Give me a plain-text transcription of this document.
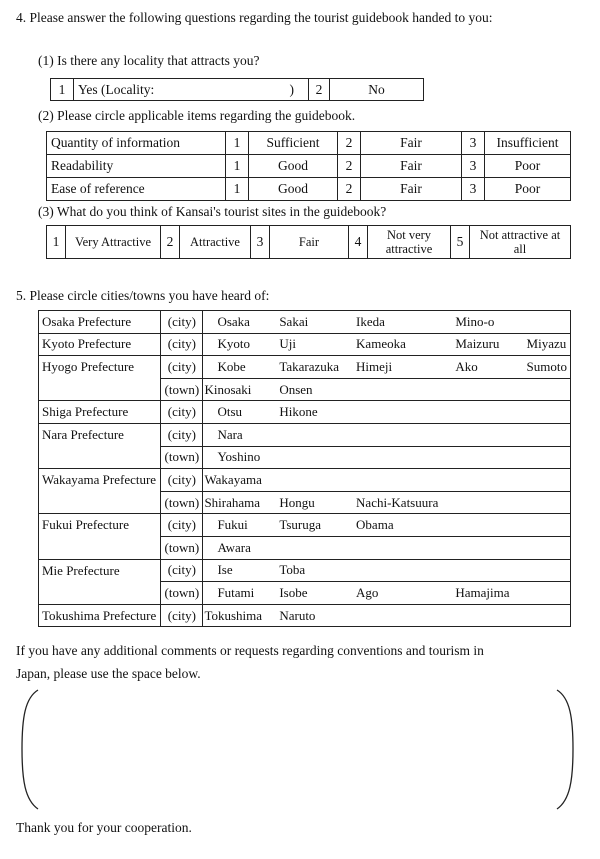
4. Please answer the following questions regarding the tourist guidebook handed to you:
(1) Is there any locality that attracts you?
1	Yes (Locality:	)	2	No
(2) Please circle applicable items regarding the guidebook.
Quantity of information	1	Sufficient	2	Fair	3	Insufficient
Readability	1	Good	2	Fair	3	Poor
Ease of reference	1	Good	2	Fair	3	Poor
(3) What do you think of Kansai's tourist sites in the guidebook?
1	Very Attractive	2	Attractive	3	Fair	4	Not very attractive	5	Not attractive at all
5. Please circle cities/towns you have heard of:
Osaka Prefecture	(city)	Osaka	Sakai	Ikeda	Mino-o	
Kyoto Prefecture	(city)	Kyoto	Uji	Kameoka	Maizuru	Miyazu
Hyogo Prefecture	(city)	Kobe	Takarazuka	Himeji	Ako	Sumoto
	(town)	Kinosaki	Onsen			
Shiga Prefecture	(city)	Otsu	Hikone			
Nara Prefecture	(city)	Nara				
	(town)	Yoshino				
Wakayama Prefecture	(city)	Wakayama				
	(town)	Shirahama	Hongu	Nachi-Katsuura		
Fukui Prefecture	(city)	Fukui	Tsuruga	Obama		
	(town)	Awara				
Mie Prefecture	(city)	Ise	Toba			
	(town)	Futami	Isobe	Ago	Hamajima	
Tokushima Prefecture	(city)	Tokushima	Naruto			
If you have any additional comments or requests regarding conventions and tourism in
Japan, please use the space below.
Thank you for your cooperation.
